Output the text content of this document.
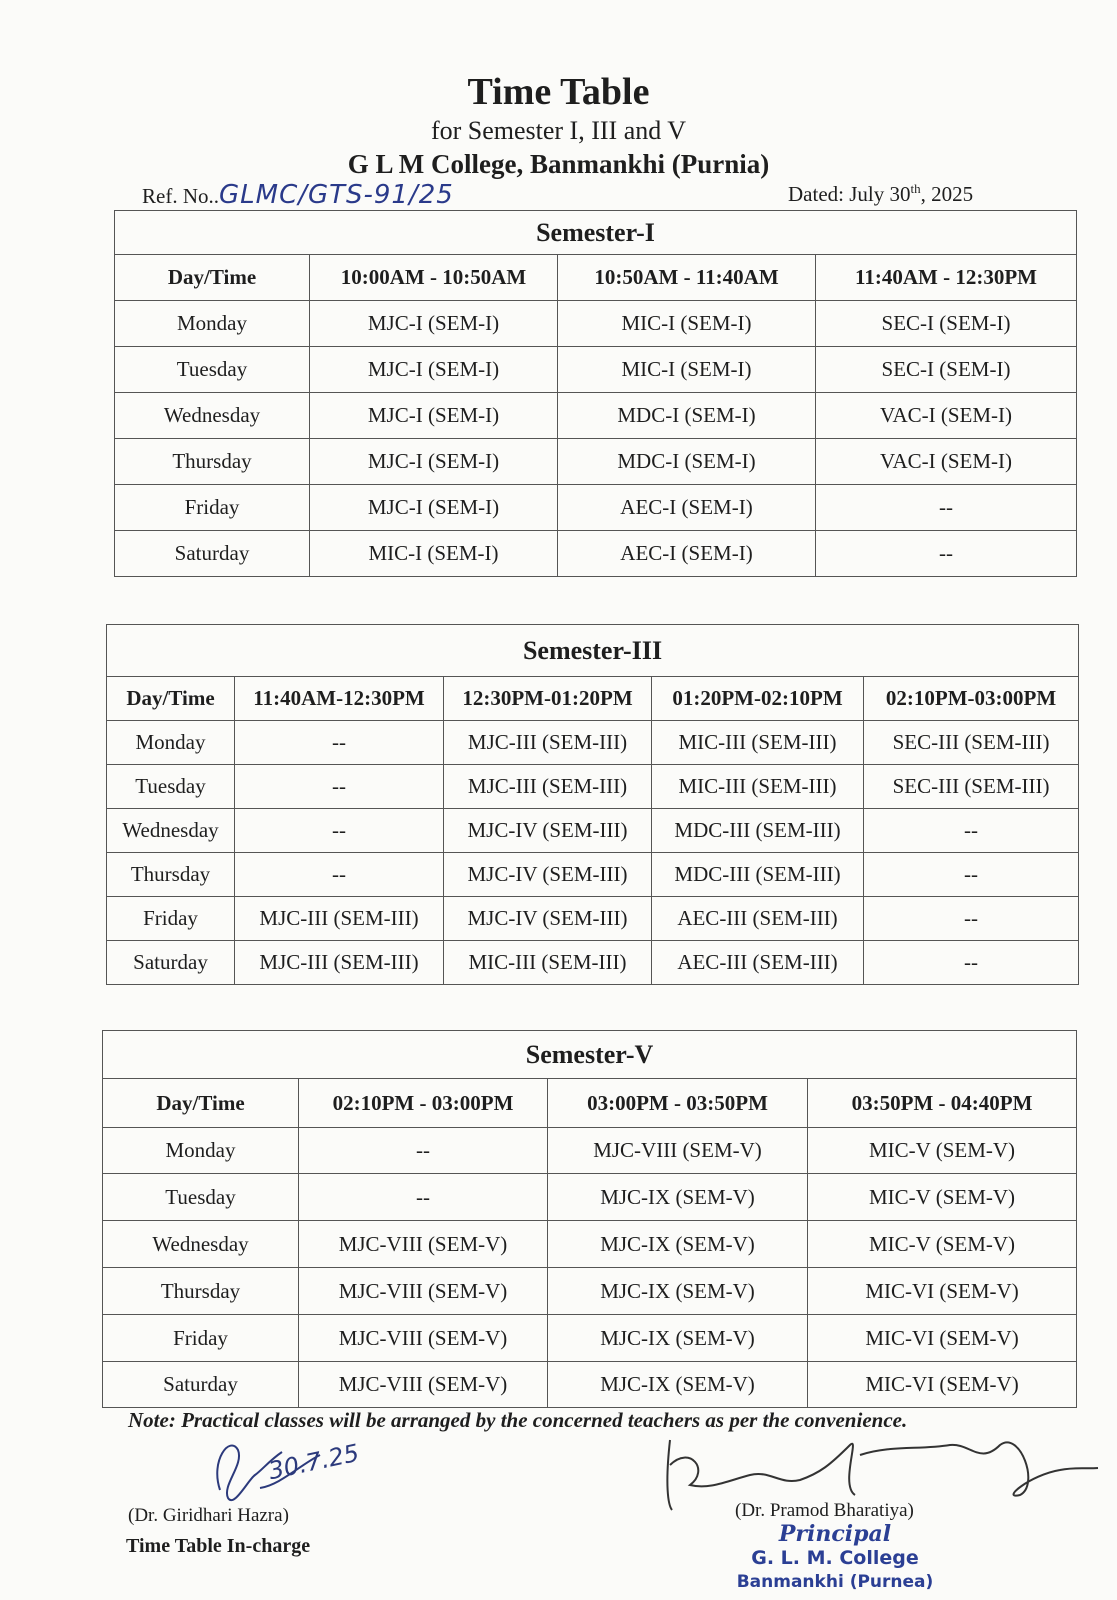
Time Table
for Semester I, III and V
G L M College, Banmankhi (Purnia)
Ref. No..GLMC/GTS-91/25	Dated: July 30th, 2025
Semester-I			
Day/Time	10:00AM - 10:50AM	10:50AM - 11:40AM	11:40AM - 12:30PM
Monday	MJC-I (SEM-I)	MIC-I (SEM-I)	SEC-I (SEM-I)
Tuesday	MJC-I (SEM-I)	MIC-I (SEM-I)	SEC-I (SEM-I)
Wednesday	MJC-I (SEM-I)	MDC-I (SEM-I)	VAC-I (SEM-I)
Thursday	MJC-I (SEM-I)	MDC-I (SEM-I)	VAC-I (SEM-I)
Friday	MJC-I (SEM-I)	AEC-I (SEM-I)	--
Saturday	MIC-I (SEM-I)	AEC-I (SEM-I)	--
Semester-III				
Day/Time	11:40AM-12:30PM	12:30PM-01:20PM	01:20PM-02:10PM	02:10PM-03:00PM
Monday	--	MJC-III (SEM-III)	MIC-III (SEM-III)	SEC-III (SEM-III)
Tuesday	--	MJC-III (SEM-III)	MIC-III (SEM-III)	SEC-III (SEM-III)
Wednesday	--	MJC-IV (SEM-III)	MDC-III (SEM-III)	--
Thursday	--	MJC-IV (SEM-III)	MDC-III (SEM-III)	--
Friday	MJC-III (SEM-III)	MJC-IV (SEM-III)	AEC-III (SEM-III)	--
Saturday	MJC-III (SEM-III)	MIC-III (SEM-III)	AEC-III (SEM-III)	--
Semester-V			
Day/Time	02:10PM - 03:00PM	03:00PM - 03:50PM	03:50PM - 04:40PM
Monday	--	MJC-VIII (SEM-V)	MIC-V (SEM-V)
Tuesday	--	MJC-IX (SEM-V)	MIC-V (SEM-V)
Wednesday	MJC-VIII (SEM-V)	MJC-IX (SEM-V)	MIC-V (SEM-V)
Thursday	MJC-VIII (SEM-V)	MJC-IX (SEM-V)	MIC-VI (SEM-V)
Friday	MJC-VIII (SEM-V)	MJC-IX (SEM-V)	MIC-VI (SEM-V)
Saturday	MJC-VIII (SEM-V)	MJC-IX (SEM-V)	MIC-VI (SEM-V)
Note: Practical classes will be arranged by the concerned teachers as per the convenience.
30.7.25
(Dr. Giridhari Hazra)
Time Table In-charge
(Dr. Pramod Bharatiya)
Principal
G. L. M. College
Banmankhi (Purnea)
